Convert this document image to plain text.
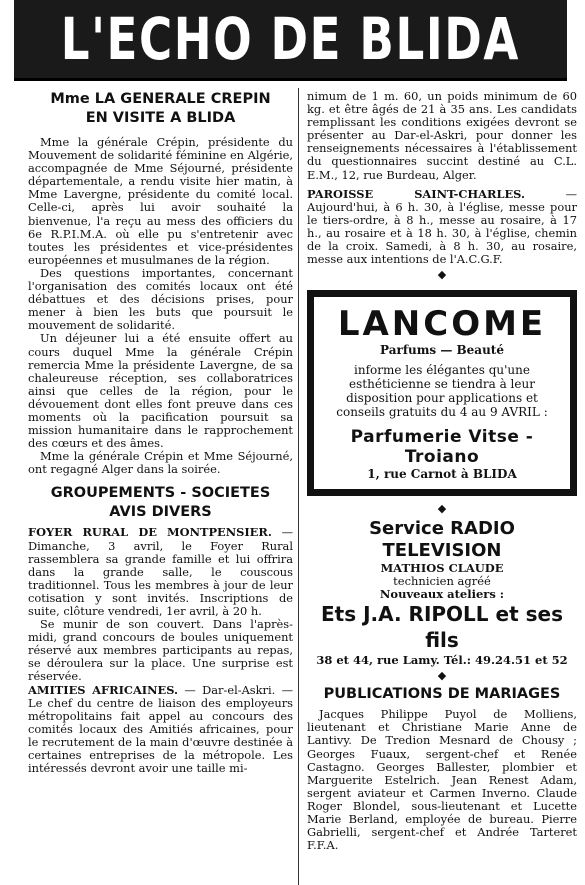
L'ECHO DE BLIDA
Mme LA GENERALE CREPIN
EN VISITE A BLIDA

Mme la générale Crépin, présidente du Mouvement de solidarité féminine en Algérie, accompagnée de Mme Séjourné, présidente départementale, a rendu visite hier matin, à Mme Lavergne, présidente du comité local. Celle-ci, après lui avoir souhaité la bienvenue, l'a reçu au mess des officiers du 6e R.P.I.M.A. où elle pu s'entretenir avec toutes les présidentes et vice-présidentes européennes et musulmanes de la région.

Des questions importantes, concernant l'organisation des comités locaux ont été débattues et des décisions prises, pour mener à bien les buts que poursuit le mouvement de solidarité.

Un déjeuner lui a été ensuite offert au cours duquel Mme la générale Crépin remercia Mme la présidente Lavergne, de sa chaleureuse réception, ses collaboratrices ainsi que celles de la région, pour le dévouement dont elles font preuve dans ces moments où la pacification poursuit sa mission humanitaire dans le rapprochement des cœurs et des âmes.

Mme la générale Crépin et Mme Séjourné, ont regagné Alger dans la soirée.

GROUPEMENTS - SOCIETES
AVIS DIVERS

FOYER RURAL DE MONTPENSIER. — Dimanche, 3 avril, le Foyer Rural rassemblera sa grande famille et lui offrira dans la grande salle, le couscous traditionnel. Tous les membres à jour de leur cotisation y sont invités. Inscriptions de suite, clôture vendredi, 1er avril, à 20 h.

Se munir de son couvert. Dans l'après-midi, grand concours de boules uniquement réservé aux membres participants au repas, se déroulera sur la place. Une surprise est réservée.

AMITIES AFRICAINES. — Dar-el-Askri. — Le chef du centre de liaison des employeurs métropolitains fait appel au concours des comités locaux des Amitiés africaines, pour le recrutement de la main d'œuvre destinée à certaines entreprises de la métropole. Les intéressés devront avoir une taille mi-

nimum de 1 m. 60, un poids minimum de 60 kg. et être âgés de 21 à 35 ans. Les candidats remplissant les conditions exigées devront se présenter au Dar-el-Askri, pour donner les renseignements nécessaires à l'établissement du questionnaires succint destiné au C.L. E.M., 12, rue Burdeau, Alger.

PAROISSE SAINT-CHARLES.	— Aujourd'hui, à 6 h. 30, à l'église, messe pour le tiers-ordre, à 8 h., messe au rosaire, à 17 h., au rosaire et à 18 h. 30, à l'église, chemin de la croix. Samedi, à 8 h. 30, au rosaire, messe aux intentions de l'A.C.G.F.

◆
LANCOME
Parfums — Beauté
informe les élégantes qu'une esthéticienne se tiendra à leur disposition pour applications et conseils gratuits du 4 au 9 AVRIL :
Parfumerie Vitse - Troiano
1, rue Carnot à BLIDA
◆
Service RADIO TELEVISION
MATHIOS CLAUDE
technicien agréé
Nouveaux ateliers :
Ets J.A. RIPOLL et ses fils
38 et 44, rue Lamy. Tél.: 49.24.51 et 52
◆
PUBLICATIONS DE MARIAGES

Jacques Philippe Puyol de Molliens, lieutenant et Christiane Marie Anne de Lantivy. De Tredion Mesnard de Chousy ; Georges Fuaux, sergent-chef et Renée Castagno. Georges Ballester, plombier et Marguerite Estelrich. Jean Renest Adam, sergent aviateur et Carmen Inverno. Claude Roger Blondel, sous-lieutenant et Lucette Marie Berland, employée de bureau. Pierre Gabrielli, sergent-chef et Andrée Tarteret F.F.A.
